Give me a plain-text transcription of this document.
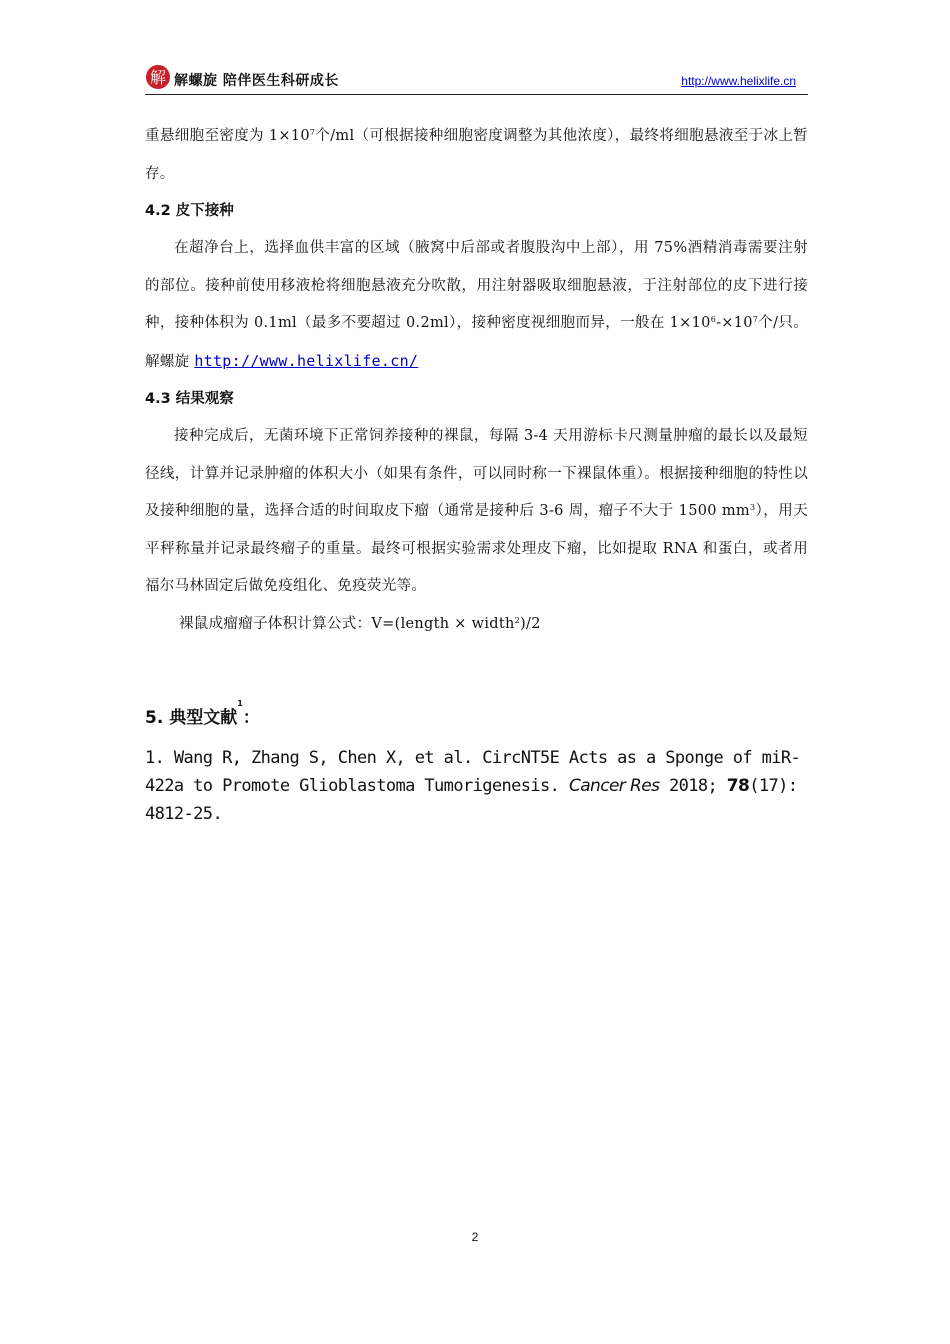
解 解螺旋 陪伴医生科研成长	http://www.helixlife.cn

重悬细胞至密度为 $1\times 10^7$个/ml（可根据接种细胞密度调整为其他浓度），最终将细胞悬液至于冰上暂存。

4.2 皮下接种

在超净台上，选择血供丰富的区域（腋窝中后部或者腹股沟中上部），用 75%酒精消毒需要注射的部位。接种前使用移液枪将细胞悬液充分吹散，用注射器吸取细胞悬液，于注射部位的皮下进行接种，接种体积为 0.1ml（最多不要超过 0.2ml），接种密度视细胞而异，一般在 $1\times 10^6-\times 10^7$个/只。解螺旋 http://www.helixlife.cn/

4.3 结果观察

接种完成后，无菌环境下正常饲养接种的裸鼠，每隔 3-4 天用游标卡尺测量肿瘤的最长以及最短径线，计算并记录肿瘤的体积大小（如果有条件，可以同时称一下裸鼠体重）。根据接种细胞的特性以及接种细胞的量，选择合适的时间取皮下瘤（通常是接种后 3-6 周，瘤子不大于 1500 $mm^3$），用天平秤称量并记录最终瘤子的重量。最终可根据实验需求处理皮下瘤，比如提取 RNA 和蛋白，或者用福尔马林固定后做免疫组化、免疫荧光等。

裸鼠成瘤瘤子体积计算公式：V=(length × width$^2$)/2

5. 典型文献$^1$：

1. Wang R, Zhang S, Chen X, et al. CircNT5E Acts as a Sponge of miR-422a to Promote Glioblastoma Tumorigenesis. Cancer Res 2018; 78(17): 4812-25.

2
